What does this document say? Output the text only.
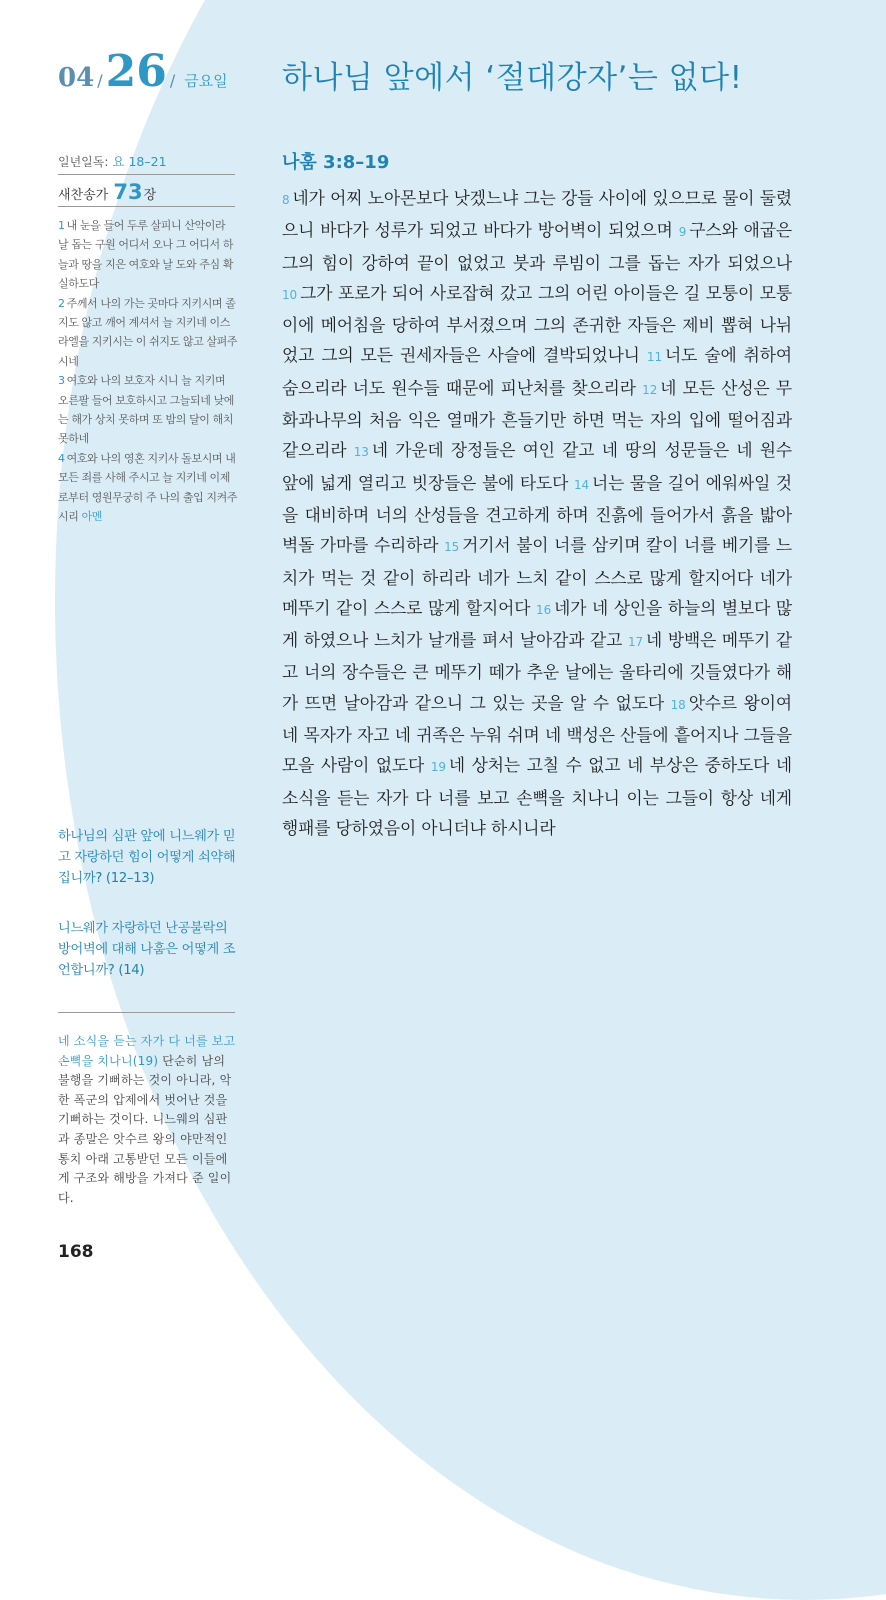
04 / 26 / 금요일 하나님 앞에서 ‘절대강자’는 없다!
일년일독: 요 18–21
새찬송가 73장
1 내 눈을 들어 두루 살피니 산악이라 날 돕는 구원 어디서 오나 그 어디서 하늘과 땅을 지은 여호와 날 도와 주심 확실하도다
2 주께서 나의 가는 곳마다 지키시며 졸지도 않고 깨어 계셔서 늘 지키네 이스라엘을 지키시는 이 쉬지도 않고 살펴주시네
3 여호와 나의 보호자 시니 늘 지키며 오른팔 들어 보호하시고 그늘되네 낮에는 해가 상치 못하며 또 밤의 달이 해치 못하네
4 여호와 나의 영혼 지키사 돌보시며 내 모든 죄를 사해 주시고 늘 지키네 이제로부터 영원무궁히 주 나의 출입 지켜주시리 아멘
하나님의 심판 앞에 니느웨가 믿고 자랑하던 힘이 어떻게 쇠약해집니까? (12–13)
니느웨가 자랑하던 난공불락의 방어벽에 대해 나훔은 어떻게 조언합니까? (14)
네 소식을 듣는 자가 다 너를 보고 손뼉을 치나니(19) 단순히 남의 불행을 기뻐하는 것이 아니라, 악한 폭군의 압제에서 벗어난 것을 기뻐하는 것이다. 니느웨의 심판과 종말은 앗수르 왕의 야만적인 통치 아래 고통받던 모든 이들에게 구조와 해방을 가져다 준 일이다.
168
나훔 3:8–19
8 네가 어찌 노아몬보다 낫겠느냐 그는 강들 사이에 있으므로 물이 둘렸으니 바다가 성루가 되었고 바다가 방어벽이 되었으며 9 구스와 애굽은 그의 힘이 강하여 끝이 없었고 붓과 루빔이 그를 돕는 자가 되었으나 10 그가 포로가 되어 사로잡혀 갔고 그의 어린 아이들은 길 모퉁이 모퉁이에 메어침을 당하여 부서졌으며 그의 존귀한 자들은 제비 뽑혀 나뉘었고 그의 모든 권세자들은 사슬에 결박되었나니 11 너도 술에 취하여 숨으리라 너도 원수들 때문에 피난처를 찾으리라 12 네 모든 산성은 무화과나무의 처음 익은 열매가 흔들기만 하면 먹는 자의 입에 떨어짐과 같으리라 13 네 가운데 장정들은 여인 같고 네 땅의 성문들은 네 원수 앞에 넓게 열리고 빗장들은 불에 타도다 14 너는 물을 길어 에워싸일 것을 대비하며 너의 산성들을 견고하게 하며 진흙에 들어가서 흙을 밟아 벽돌 가마를 수리하라 15 거기서 불이 너를 삼키며 칼이 너를 베기를 느치가 먹는 것 같이 하리라 네가 느치 같이 스스로 많게 할지어다 네가 메뚜기 같이 스스로 많게 할지어다 16 네가 네 상인을 하늘의 별보다 많게 하였으나 느치가 날개를 펴서 날아감과 같고 17 네 방백은 메뚜기 같고 너의 장수들은 큰 메뚜기 떼가 추운 날에는 울타리에 깃들였다가 해가 뜨면 날아감과 같으니 그 있는 곳을 알 수 없도다 18 앗수르 왕이여 네 목자가 자고 네 귀족은 누워 쉬며 네 백성은 산들에 흩어지나 그들을 모을 사람이 없도다 19 네 상처는 고칠 수 없고 네 부상은 중하도다 네 소식을 듣는 자가 다 너를 보고 손뼉을 치나니 이는 그들이 항상 네게 행패를 당하였음이 아니더냐 하시니라
